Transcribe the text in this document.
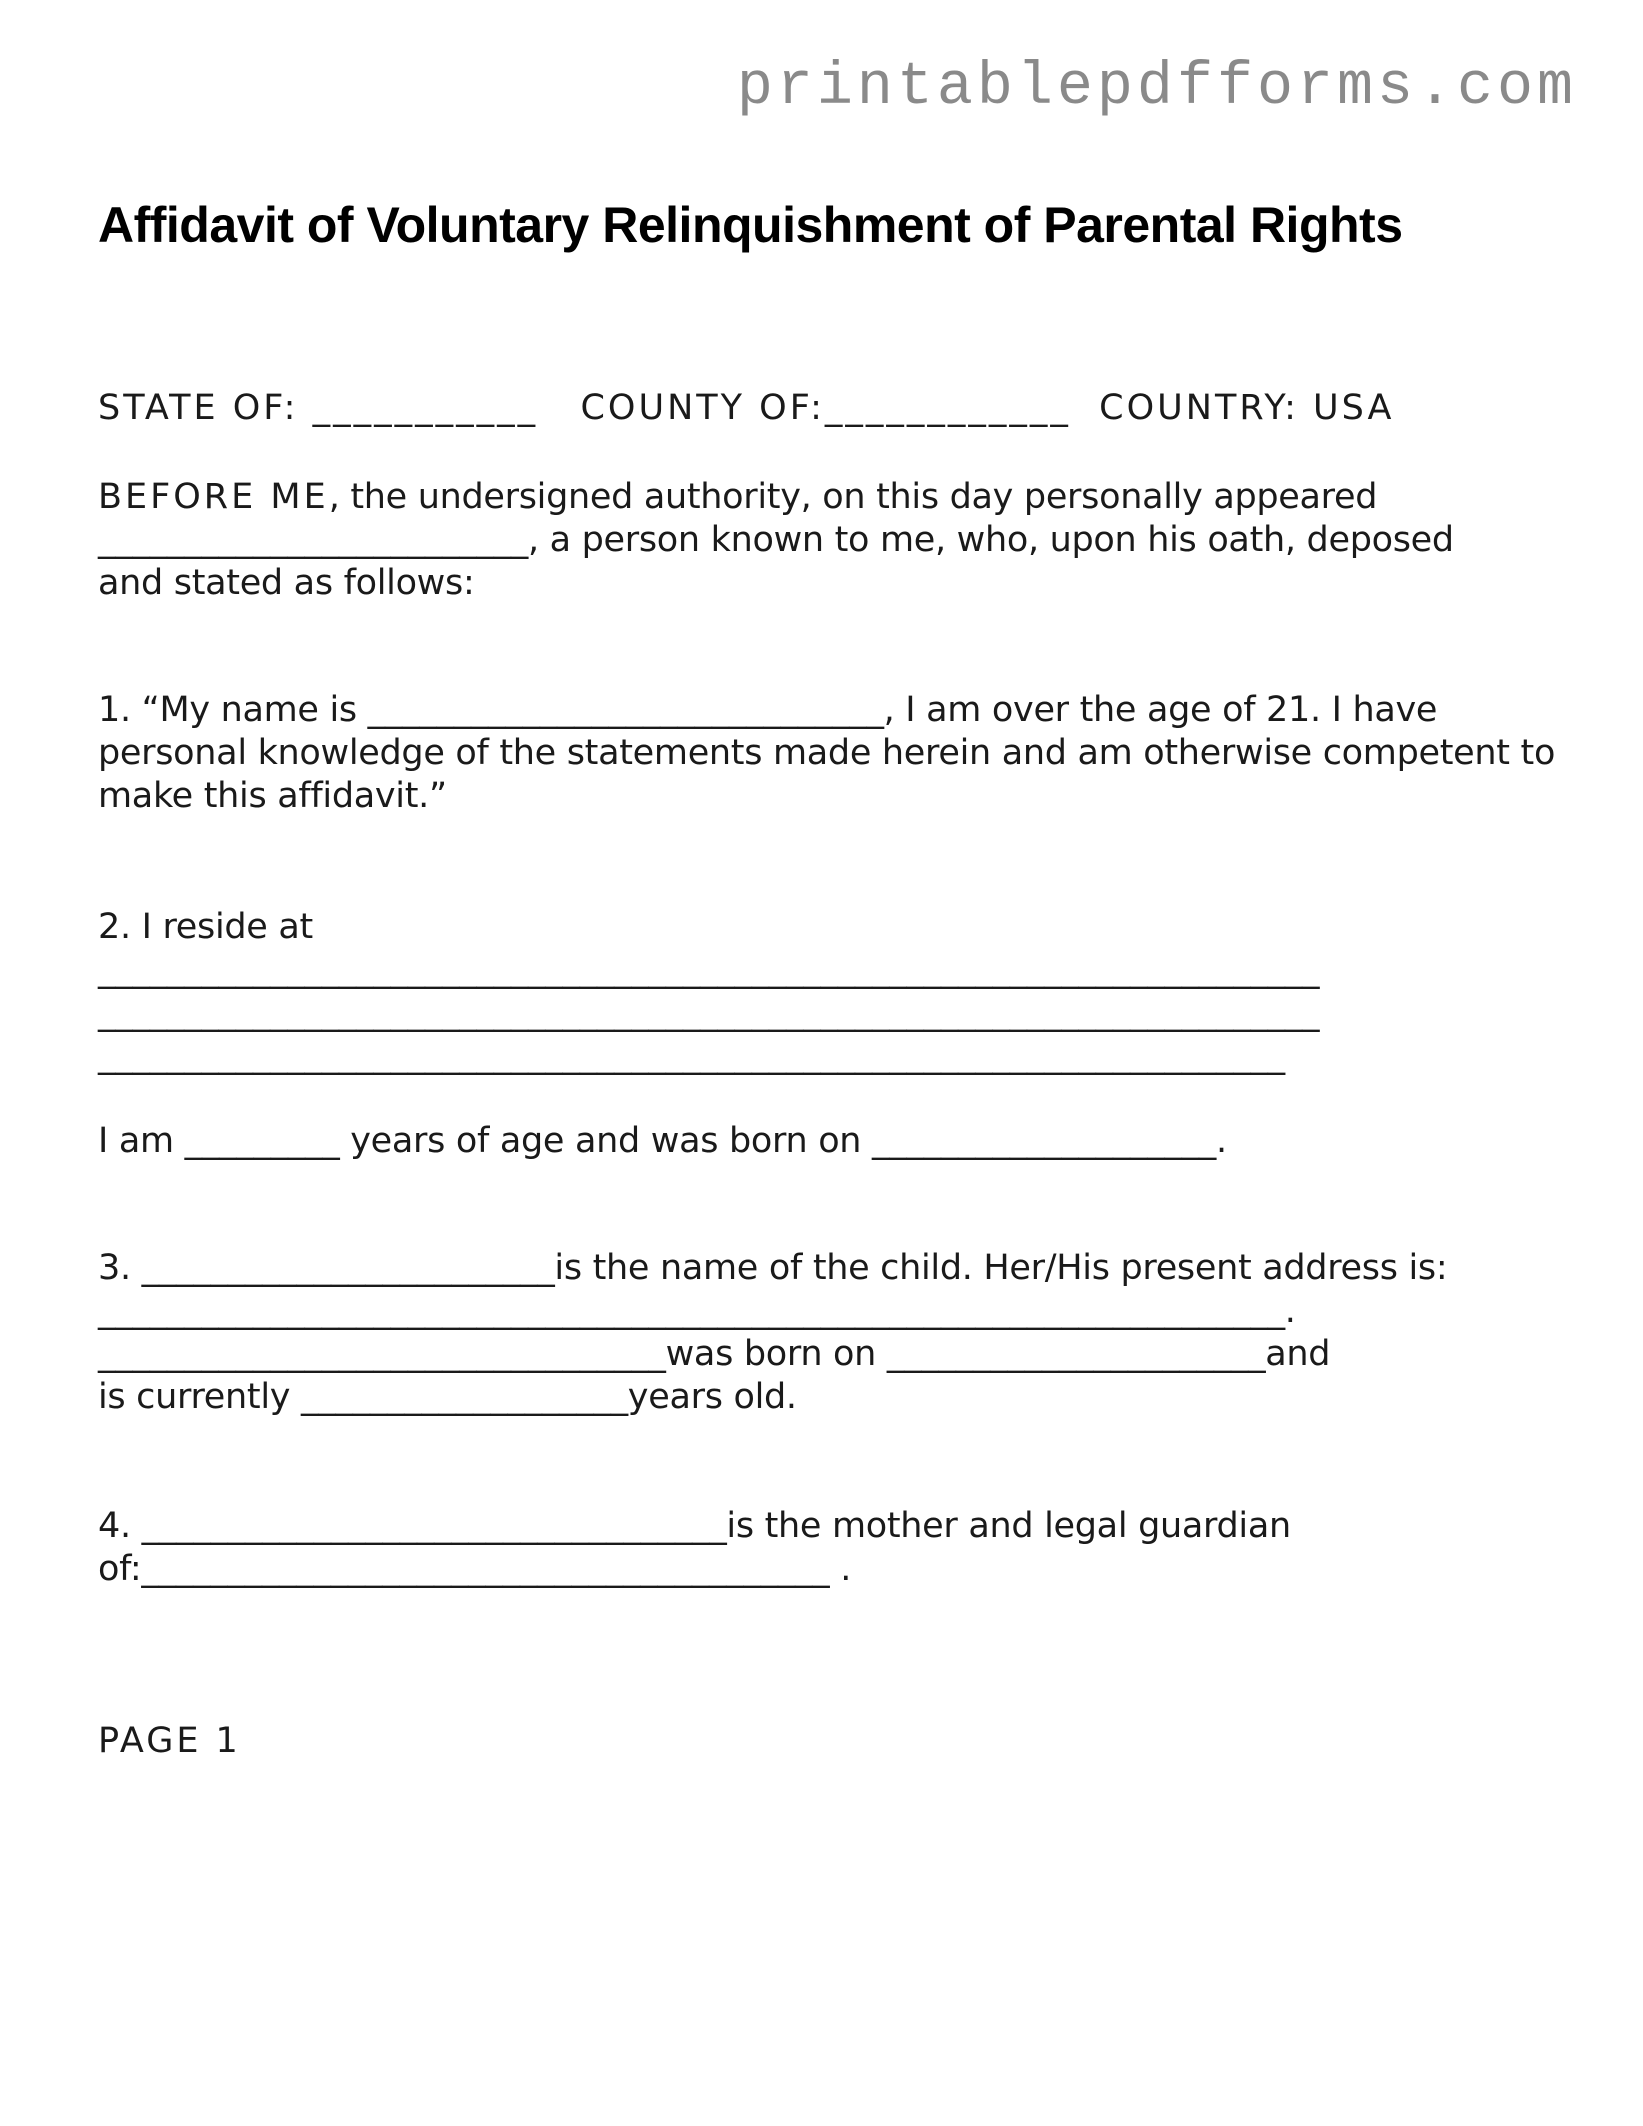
printablepdfforms.com
Affidavit of Voluntary Relinquishment of Parental Rights
STATE OF: ___________   COUNTY OF:____________  COUNTRY: USA
BEFORE ME, the undersigned authority, on this day personally appeared
_________________________, a person known to me, who, upon his oath, deposed
and stated as follows:
1. “My name is ______________________________, I am over the age of 21. I have
personal knowledge of the statements made herein and am otherwise competent to
make this affidavit.”
2. I reside at
_______________________________________________________________________
_______________________________________________________________________
_____________________________________________________________________
I am _________ years of age and was born on ____________________.
3. ________________________is the name of the child. Her/His present address is:
_____________________________________________________________________.
_________________________________was born on ______________________and
is currently ___________________years old.
4. __________________________________is the mother and legal guardian
of:________________________________________ .
PAGE 1
